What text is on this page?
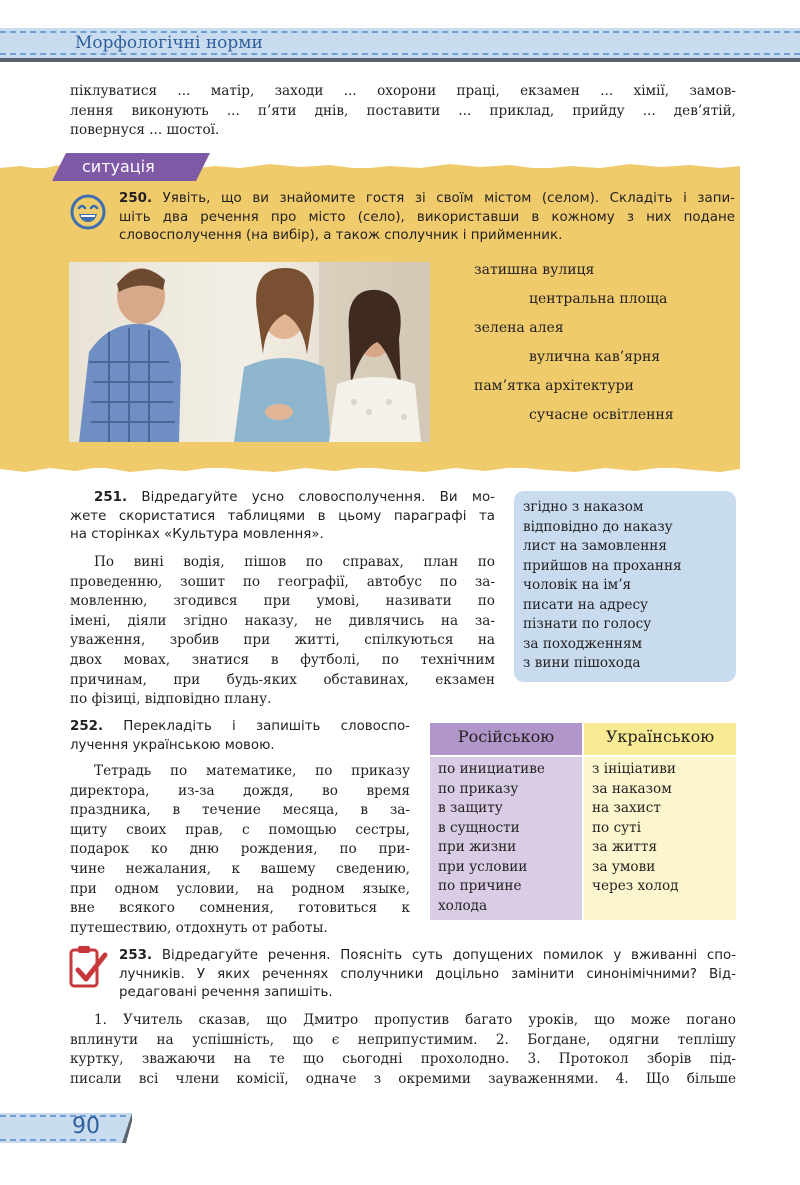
Морфологічні норми
піклуватися ... матір, заходи ... охорони праці, екзамен ... хімії, замов-
лення виконують ... п’яти днів, поставити ... приклад, прийду ... дев’ятій,
повернуся ... шостої.
ситуація
250. Уявіть, що ви знайомите гостя зі своїм містом (селом). Складіть і запи-
шіть два речення про місто (село), використавши в кожному з них подане
словосполучення (на вибір), а також сполучник і прийменник.
затишна вулиця
центральна площа
зелена алея
вулична кав’ярня
пам’ятка архітектури
сучасне освітлення
251. Відредагуйте усно словосполучення. Ви мо-
жете скористатися таблицями в цьому параграфі та
на сторінках «Культура мовлення».
По вині водія, пішов по справах, план по
проведенню, зошит по географії, автобус по за-
мовленню, згодився при умові, називати по
імені, діяли згідно наказу, не дивлячись на за-
уваження, зробив при житті, спілкуються на
двох мовах, знатися в футболі, по технічним
причинам, при будь-яких обставинах, екзамен
по фізиці, відповідно плану.
згідно з наказом
відповідно до наказу
лист на замовлення
прийшов на прохання
чоловік на ім’я
писати на адресу
пізнати по голосу
за походженням
з вини пішохода
252. Перекладіть і запишіть словоспо-
лучення українською мовою.
Тетрадь по математике, по приказу
директора, из-за дождя, во время
праздника, в течение месяца, в за-
щиту своих прав, с помощью сестры,
подарок ко дню рождения, по при-
чине нежалания, к вашему сведению,
при одном условии, на родном языке,
вне всякого сомнения, готовиться к
путешествию, отдохнуть от работы.
Російською	Українською
по инициативе
по приказу
в защиту
в сущности
при жизни
при условии
по причине
холода
з ініціативи
за наказом
на захист
по суті
за життя
за умови
через холод
253. Відредагуйте речення. Поясніть суть допущених помилок у вживанні спо-
лучників. У яких реченнях сполучники доцільно замінити синонімічними? Від-
редаговані речення запишіть.
1. Учитель сказав, що Дмитро пропустив багато уроків, що може погано
вплинути на успішність, що є неприпустимим. 2. Богдане, одягни теплішу
куртку, зважаючи на те що сьогодні прохолодно. 3. Протокол зборів під-
писали всі члени комісії, одначе з окремими зауваженнями. 4. Що більше
90
